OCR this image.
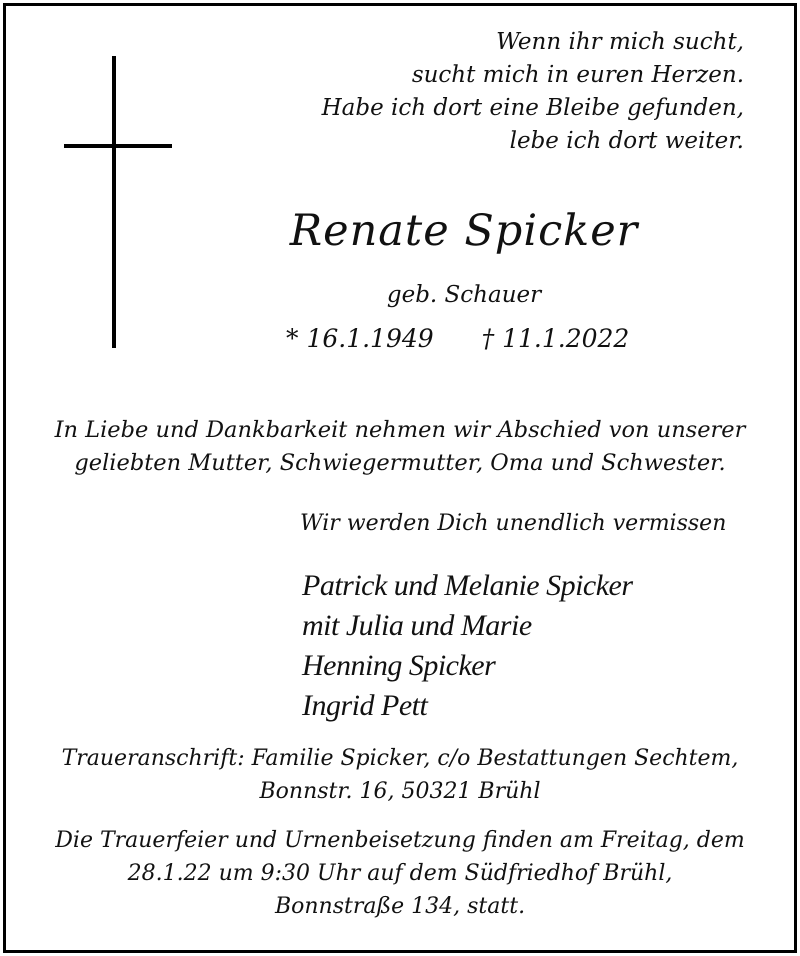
Wenn ihr mich sucht,
sucht mich in euren Herzen.
Habe ich dort eine Bleibe gefunden,
lebe ich dort weiter.
Renate Spicker
geb. Schauer
* 16.1.1949 † 11.1.2022
In Liebe und Dankbarkeit nehmen wir Abschied von unserer
geliebten Mutter, Schwiegermutter, Oma und Schwester.
Wir werden Dich unendlich vermissen
Patrick und Melanie Spicker
mit Julia und Marie
Henning Spicker
Ingrid Pett
Traueranschrift: Familie Spicker, c/o Bestattungen Sechtem,
Bonnstr. 16, 50321 Brühl
Die Trauerfeier und Urnenbeisetzung finden am Freitag, dem
28.1.22 um 9:30 Uhr auf dem Südfriedhof Brühl,
Bonnstraße 134, statt.
